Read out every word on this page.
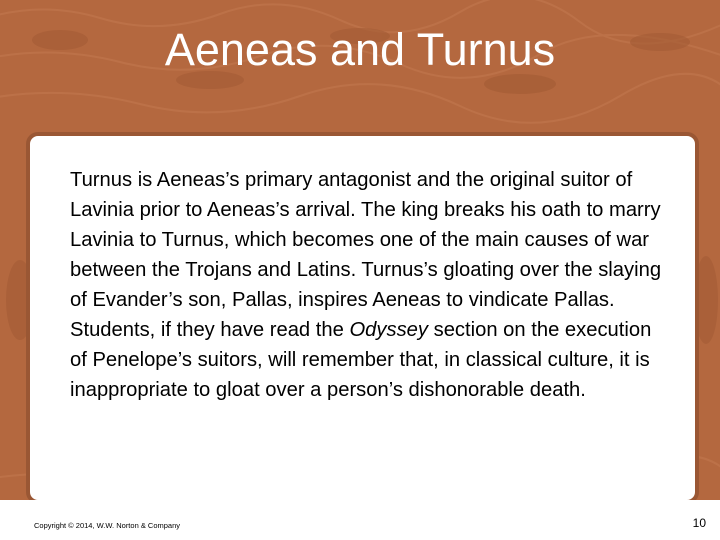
Aeneas and Turnus

Turnus is Aeneas’s primary antagonist and the original suitor of Lavinia prior to Aeneas’s arrival. The king breaks his oath to marry Lavinia to Turnus, which becomes one of the main causes of war between the Trojans and Latins. Turnus’s gloating over the slaying of Evander’s son, Pallas, inspires Aeneas to vindicate Pallas. Students, if they have read the Odyssey section on the execution of Penelope’s suitors, will remember that, in classical culture, it is inappropriate to gloat over a person’s dishonorable death.

Copyright © 2014, W.W. Norton & Company	10
